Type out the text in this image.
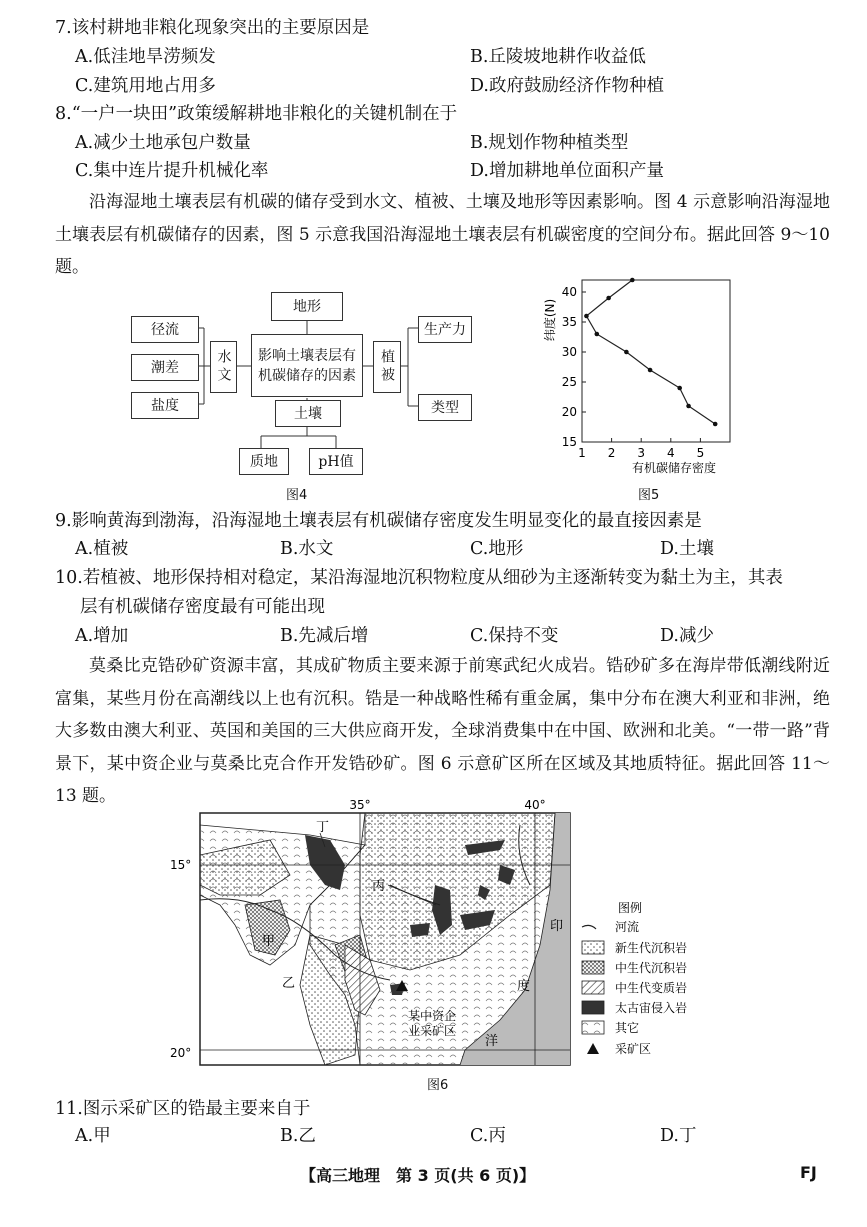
7.该村耕地非粮化现象突出的主要原因是
A.低洼地旱涝频发	B.丘陵坡地耕作收益低
C.建筑用地占用多	D.政府鼓励经济作物种植
8.“一户一块田”政策缓解耕地非粮化的关键机制在于
A.减少土地承包户数量	B.规划作物种植类型
C.集中连片提升机械化率	D.增加耕地单位面积产量
沿海湿地土壤表层有机碳的储存受到水文、植被、土壤及地形等因素影响。图 4 示意影响沿海湿地土壤表层有机碳储存的因素，图 5 示意我国沿海湿地土壤表层有机碳密度的空间分布。据此回答 9～10 题。
地形
径流
潮差
盐度
水文	影响土壤表层有机碳储存的因素	植被
生产力
类型
土壤
质地	pH值
图4
1 2 3 4 5
15
20
25
30
35
40
纬度(N)
有机碳储存密度
图5
9.影响黄海到渤海，沿海湿地土壤表层有机碳储存密度发生明显变化的最直接因素是
A.植被	B.水文	C.地形	D.土壤
10.若植被、地形保持相对稳定，某沿海湿地沉积物粒度从细砂为主逐渐转变为黏土为主，其表
层有机碳储存密度最有可能出现
A.增加	B.先减后增	C.保持不变	D.减少
莫桑比克锆砂矿资源丰富，其成矿物质主要来源于前寒武纪火成岩。锆砂矿多在海岸带低潮线附近富集，某些月份在高潮线以上也有沉积。锆是一种战略性稀有重金属，集中分布在澳大利亚和非洲，绝大多数由澳大利亚、英国和美国的三大供应商开发，全球消费集中在中国、欧洲和北美。“一带一路”背景下，某中资企业与莫桑比克合作开发锆砂矿。图 6 示意矿区所在区域及其地质特征。据此回答 11～13 题。	35°	40°
15°
20°
甲
乙
丙
丁
印
度
洋
某中资企
业采矿区
图例
河流
新生代沉积岩
中生代沉积岩
中生代变质岩
太古宙侵入岩
其它
采矿区
图6
11.图示采矿区的锆最主要来自于
A.甲	B.乙	C.丙	D.丁
【高三地理　第 3 页(共 6 页)】	FJ
